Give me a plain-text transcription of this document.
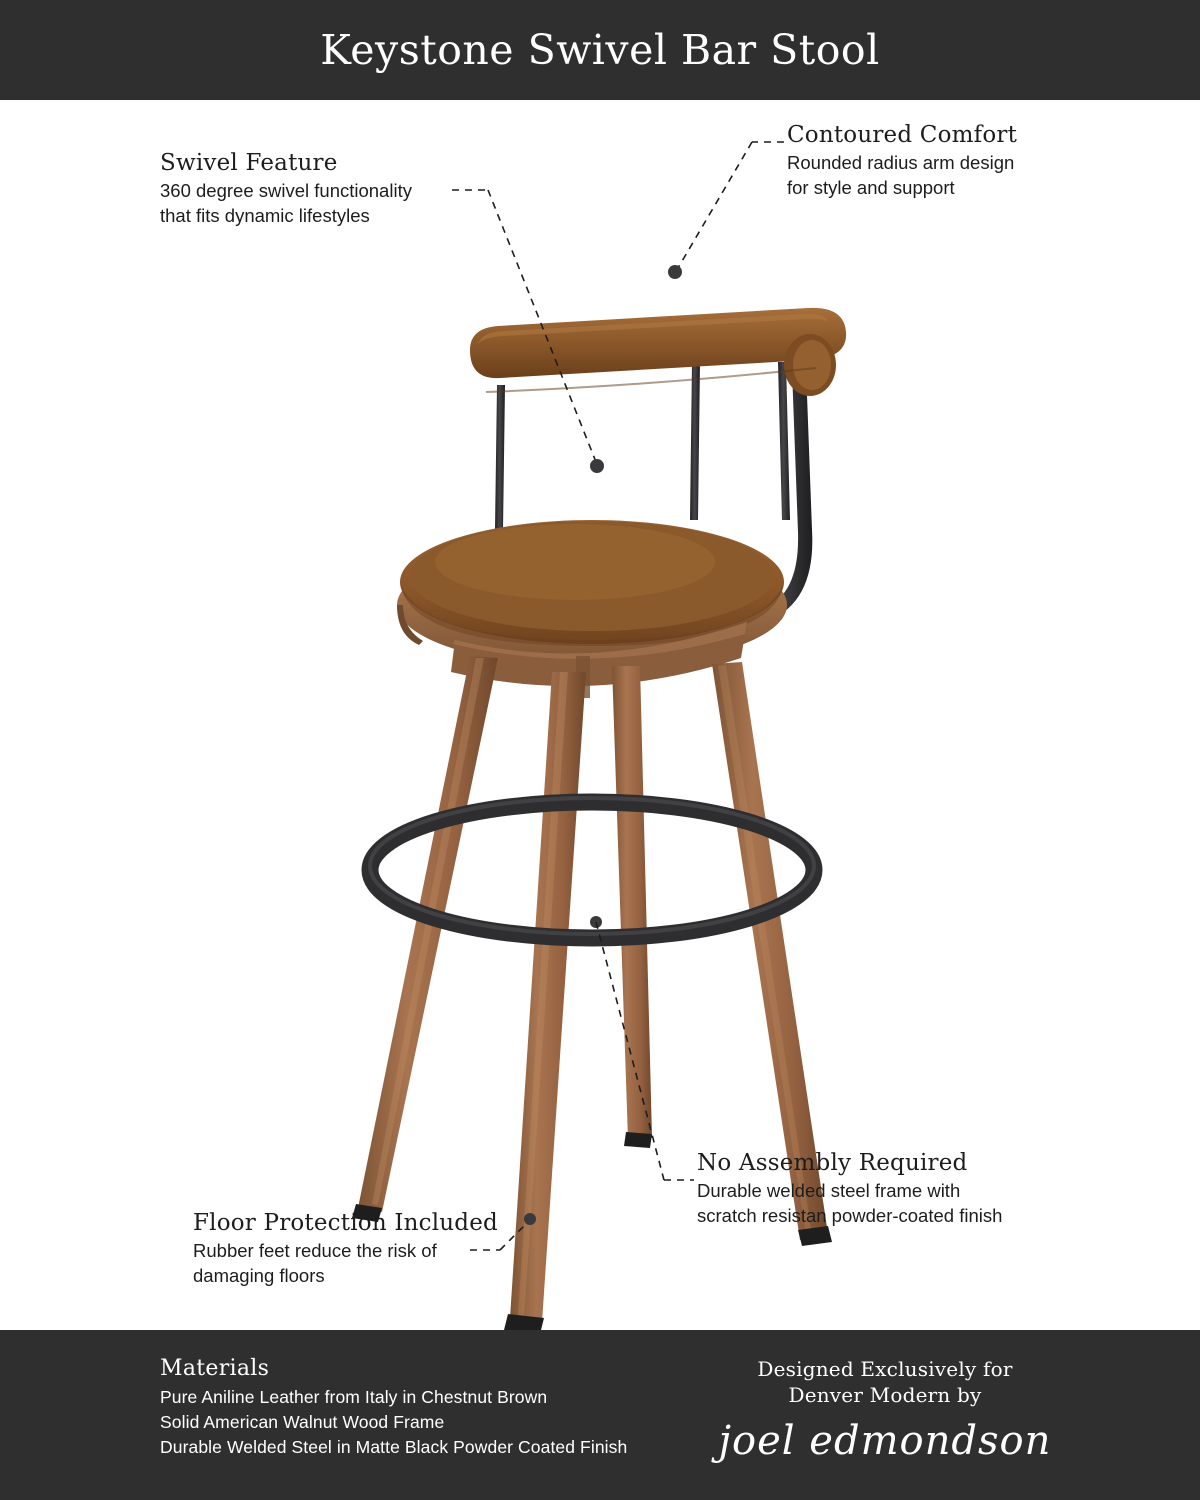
Keystone Swivel Bar Stool
Swivel Feature
360 degree swivel functionality
that fits dynamic lifestyles
Contoured Comfort
Rounded radius arm design
for style and support
No Assembly Required
Durable welded steel frame with
scratch resistan powder-coated finish
Floor Protection Included
Rubber feet reduce the risk of
damaging floors
Materials
Pure Aniline Leather from Italy in Chestnut Brown
Solid American Walnut Wood Frame
Durable Welded Steel in Matte Black Powder Coated Finish
Designed Exclusively for
Denver Modern by
joel edmondson
